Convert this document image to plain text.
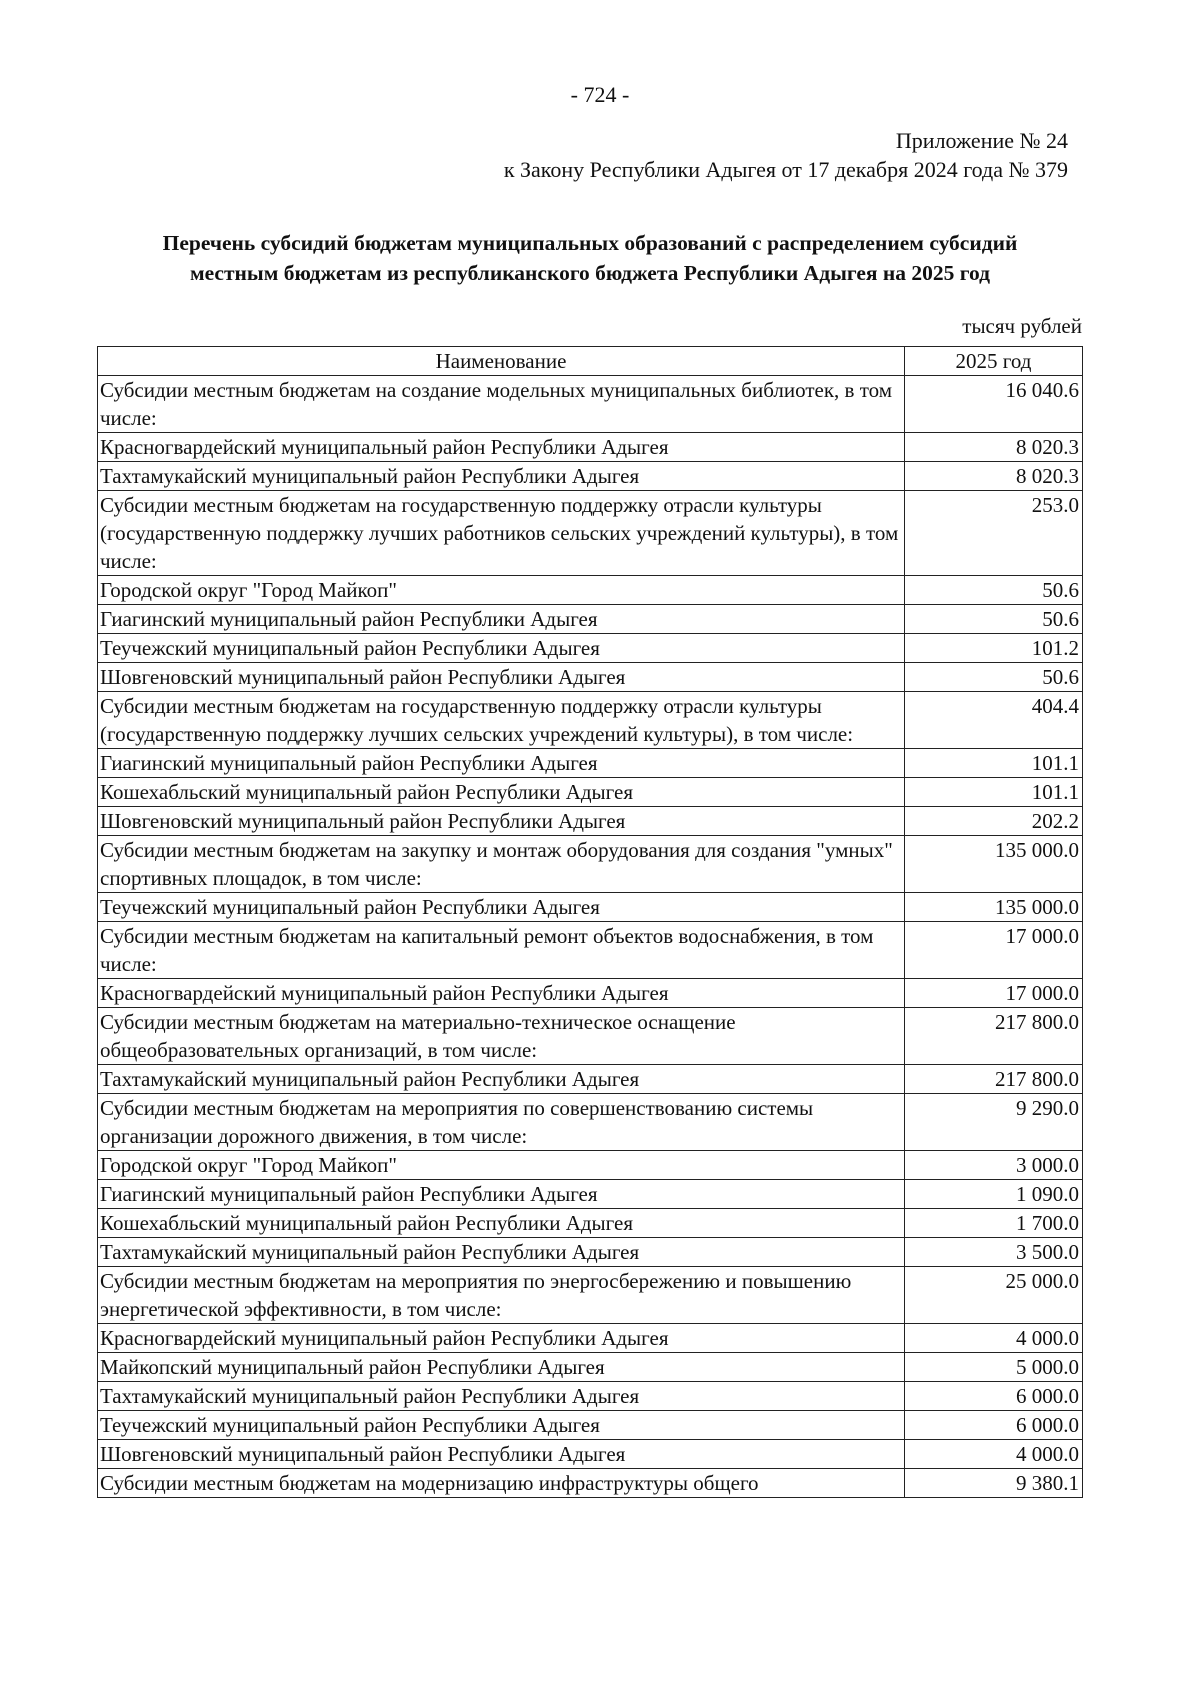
- 724 -
Приложение № 24
к Закону Республики Адыгея от 17 декабря 2024 года № 379
Перечень субсидий бюджетам муниципальных образований с распределением субсидий
местным бюджетам из республиканского бюджета Республики Адыгея на 2025 год
тысяч рублей
Наименование	2025 год
Субсидии местным бюджетам на создание модельных муниципальных библиотек, в том числе:	16 040.6
Красногвардейский муниципальный район Республики Адыгея	8 020.3
Тахтамукайский муниципальный район Республики Адыгея	8 020.3
Субсидии местным бюджетам на государственную поддержку отрасли культуры (государственную поддержку лучших работников сельских учреждений культуры), в том числе:	253.0
Городской округ "Город Майкоп"	50.6
Гиагинский муниципальный район Республики Адыгея	50.6
Теучежский муниципальный район Республики Адыгея	101.2
Шовгеновский муниципальный район Республики Адыгея	50.6
Субсидии местным бюджетам на государственную поддержку отрасли культуры (государственную поддержку лучших сельских учреждений культуры), в том числе:	404.4
Гиагинский муниципальный район Республики Адыгея	101.1
Кошехабльский муниципальный район Республики Адыгея	101.1
Шовгеновский муниципальный район Республики Адыгея	202.2
Субсидии местным бюджетам на закупку и монтаж оборудования для создания "умных" спортивных площадок, в том числе:	135 000.0
Теучежский муниципальный район Республики Адыгея	135 000.0
Субсидии местным бюджетам на капитальный ремонт объектов водоснабжения, в том числе:	17 000.0
Красногвардейский муниципальный район Республики Адыгея	17 000.0
Субсидии местным бюджетам на материально-техническое оснащение общеобразовательных организаций, в том числе:	217 800.0
Тахтамукайский муниципальный район Республики Адыгея	217 800.0
Субсидии местным бюджетам на мероприятия по совершенствованию системы организации дорожного движения, в том числе:	9 290.0
Городской округ "Город Майкоп"	3 000.0
Гиагинский муниципальный район Республики Адыгея	1 090.0
Кошехабльский муниципальный район Республики Адыгея	1 700.0
Тахтамукайский муниципальный район Республики Адыгея	3 500.0
Субсидии местным бюджетам на мероприятия по энергосбережению и повышению энергетической эффективности, в том числе:	25 000.0
Красногвардейский муниципальный район Республики Адыгея	4 000.0
Майкопский муниципальный район Республики Адыгея	5 000.0
Тахтамукайский муниципальный район Республики Адыгея	6 000.0
Теучежский муниципальный район Республики Адыгея	6 000.0
Шовгеновский муниципальный район Республики Адыгея	4 000.0
Субсидии местным бюджетам на модернизацию инфраструктуры общего	9 380.1
